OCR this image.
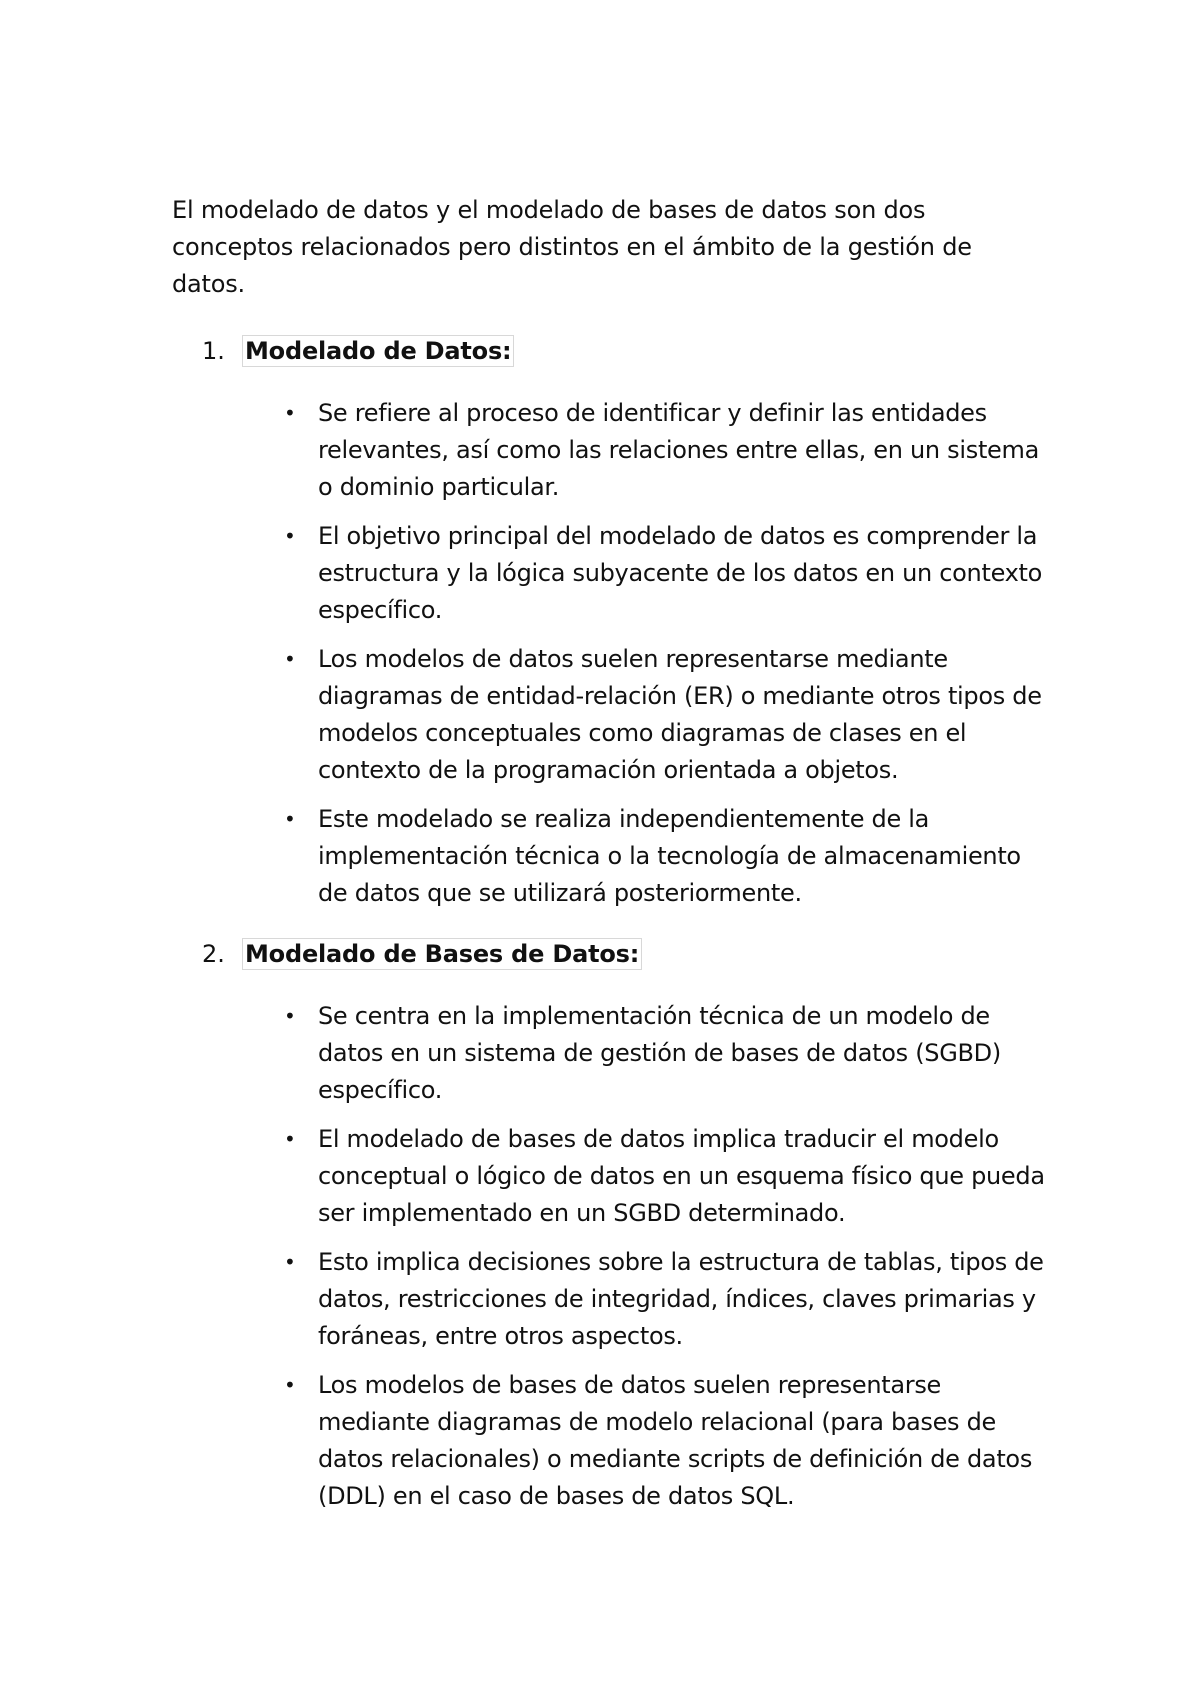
El modelado de datos y el modelado de bases de datos son dos conceptos relacionados pero distintos en el ámbito de la gestión de datos.

1. Modelado de Datos:
• Se refiere al proceso de identificar y definir las entidades relevantes, así como las relaciones entre ellas, en un sistema o dominio particular.
• El objetivo principal del modelado de datos es comprender la estructura y la lógica subyacente de los datos en un contexto específico.
• Los modelos de datos suelen representarse mediante diagramas de entidad-relación (ER) o mediante otros tipos de modelos conceptuales como diagramas de clases en el contexto de la programación orientada a objetos.
• Este modelado se realiza independientemente de la implementación técnica o la tecnología de almacenamiento de datos que se utilizará posteriormente.
2. Modelado de Bases de Datos:
• Se centra en la implementación técnica de un modelo de datos en un sistema de gestión de bases de datos (SGBD) específico.
• El modelado de bases de datos implica traducir el modelo conceptual o lógico de datos en un esquema físico que pueda ser implementado en un SGBD determinado.
• Esto implica decisiones sobre la estructura de tablas, tipos de datos, restricciones de integridad, índices, claves primarias y foráneas, entre otros aspectos.
• Los modelos de bases de datos suelen representarse mediante diagramas de modelo relacional (para bases de datos relacionales) o mediante scripts de definición de datos (DDL) en el caso de bases de datos SQL.
